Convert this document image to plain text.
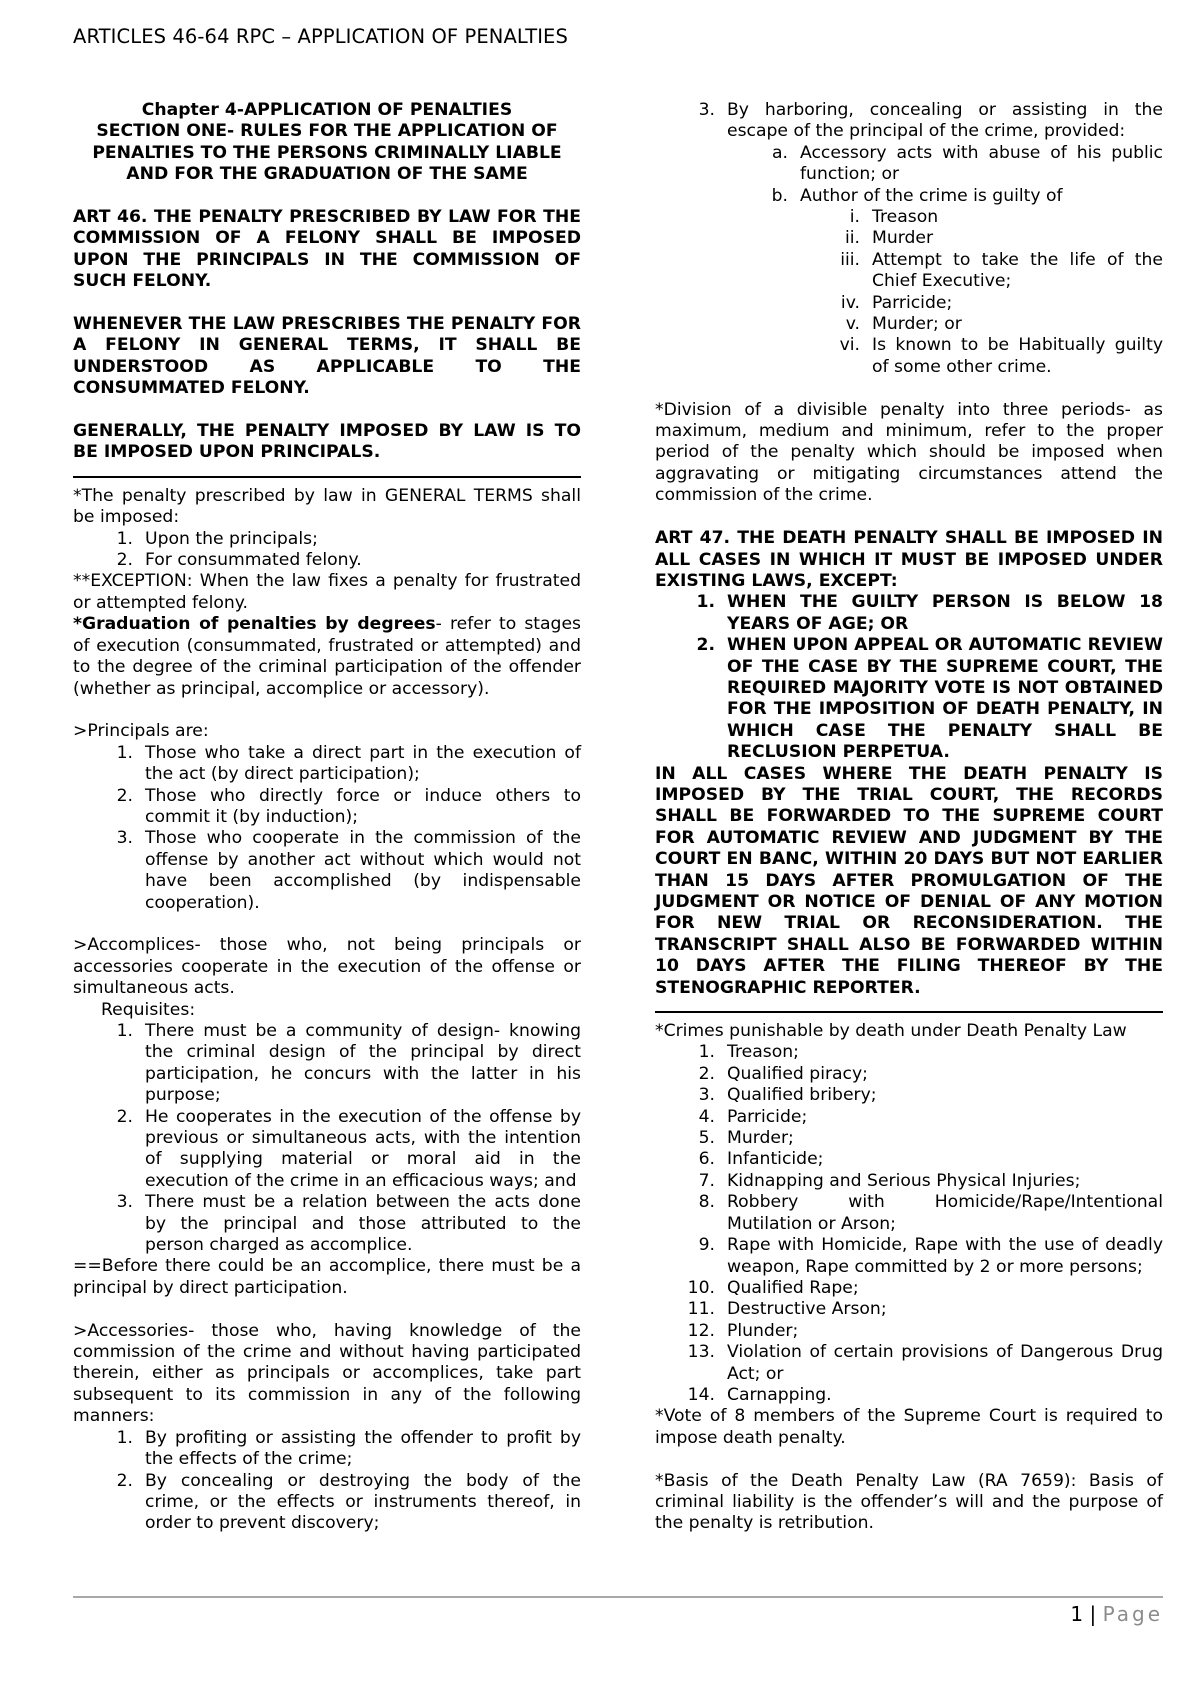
ARTICLES 46-64 RPC – APPLICATION OF PENALTIES
Chapter 4-APPLICATION OF PENALTIES
SECTION ONE- RULES FOR THE APPLICATION OF
PENALTIES TO THE PERSONS CRIMINALLY LIABLE
AND FOR THE GRADUATION OF THE SAME
ART 46. THE PENALTY PRESCRIBED BY LAW FOR THE COMMISSION OF A FELONY SHALL BE IMPOSED UPON THE PRINCIPALS IN THE COMMISSION OF SUCH FELONY.
WHENEVER THE LAW PRESCRIBES THE PENALTY FOR A FELONY IN GENERAL TERMS, IT SHALL BE UNDERSTOOD AS APPLICABLE TO THE CONSUMMATED FELONY.
GENERALLY, THE PENALTY IMPOSED BY LAW IS TO BE IMPOSED UPON PRINCIPALS.
*The penalty prescribed by law in GENERAL TERMS shall be imposed:
1. Upon the principals;
2. For consummated felony.
**EXCEPTION: When the law fixes a penalty for frustrated or attempted felony.
*Graduation of penalties by degrees- refer to stages of execution (consummated, frustrated or attempted) and to the degree of the criminal participation of the offender (whether as principal, accomplice or accessory).
>Principals are:
1. Those who take a direct part in the execution of the act (by direct participation);
2. Those who directly force or induce others to commit it (by induction);
3. Those who cooperate in the commission of the offense by another act without which would not have been accomplished (by indispensable cooperation).
>Accomplices- those who, not being principals or accessories cooperate in the execution of the offense or simultaneous acts.
Requisites:
1. There must be a community of design- knowing the criminal design of the principal by direct participation, he concurs with the latter in his purpose;
2. He cooperates in the execution of the offense by previous or simultaneous acts, with the intention of supplying material or moral aid in the execution of the crime in an efficacious ways; and
3. There must be a relation between the acts done by the principal and those attributed to the person charged as accomplice.
==Before there could be an accomplice, there must be a principal by direct participation.
>Accessories- those who, having knowledge of the commission of the crime and without having participated therein, either as principals or accomplices, take part subsequent to its commission in any of the following manners:
1. By profiting or assisting the offender to profit by the effects of the crime;
2. By concealing or destroying the body of the crime, or the effects or instruments thereof, in order to prevent discovery;
3. By harboring, concealing or assisting in the escape of the principal of the crime, provided:
a. Accessory acts with abuse of his public function; or
b. Author of the crime is guilty of
i. Treason
ii. Murder
iii. Attempt to take the life of the Chief Executive;
iv. Parricide;
v. Murder; or
vi. Is known to be Habitually guilty of some other crime.
*Division of a divisible penalty into three periods- as maximum, medium and minimum, refer to the proper period of the penalty which should be imposed when aggravating or mitigating circumstances attend the commission of the crime.
ART 47. THE DEATH PENALTY SHALL BE IMPOSED IN ALL CASES IN WHICH IT MUST BE IMPOSED UNDER EXISTING LAWS, EXCEPT:
1. WHEN THE GUILTY PERSON IS BELOW 18 YEARS OF AGE; OR
2. WHEN UPON APPEAL OR AUTOMATIC REVIEW OF THE CASE BY THE SUPREME COURT, THE REQUIRED MAJORITY VOTE IS NOT OBTAINED FOR THE IMPOSITION OF DEATH PENALTY, IN WHICH CASE THE PENALTY SHALL BE RECLUSION PERPETUA.
IN ALL CASES WHERE THE DEATH PENALTY IS IMPOSED BY THE TRIAL COURT, THE RECORDS SHALL BE FORWARDED TO THE SUPREME COURT FOR AUTOMATIC REVIEW AND JUDGMENT BY THE COURT EN BANC, WITHIN 20 DAYS BUT NOT EARLIER THAN 15 DAYS AFTER PROMULGATION OF THE JUDGMENT OR NOTICE OF DENIAL OF ANY MOTION FOR NEW TRIAL OR RECONSIDERATION. THE TRANSCRIPT SHALL ALSO BE FORWARDED WITHIN 10 DAYS AFTER THE FILING THEREOF BY THE STENOGRAPHIC REPORTER.
*Crimes punishable by death under Death Penalty Law
1. Treason;
2. Qualified piracy;
3. Qualified bribery;
4. Parricide;
5. Murder;
6. Infanticide;
7. Kidnapping and Serious Physical Injuries;
8. Robbery with Homicide/Rape/Intentional Mutilation or Arson;
9. Rape with Homicide, Rape with the use of deadly weapon, Rape committed by 2 or more persons;
10. Qualified Rape;
11. Destructive Arson;
12. Plunder;
13. Violation of certain provisions of Dangerous Drug Act; or
14. Carnapping.
*Vote of 8 members of the Supreme Court is required to impose death penalty.
*Basis of the Death Penalty Law (RA 7659): Basis of criminal liability is the offender’s will and the purpose of the penalty is retribution.
1 | Page
